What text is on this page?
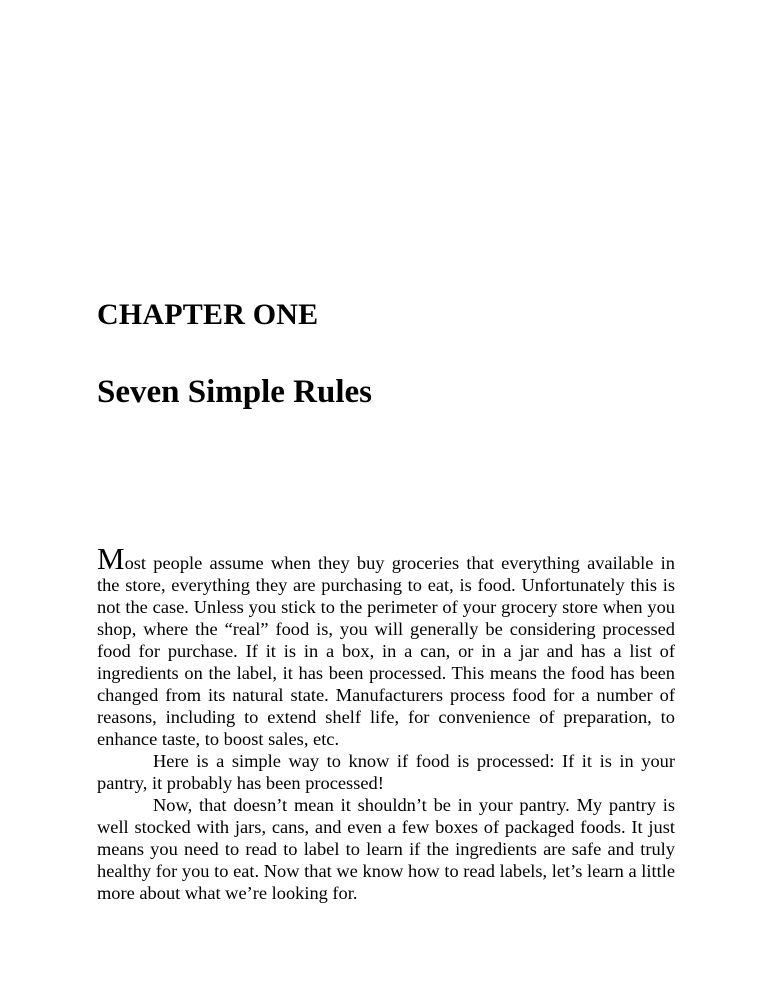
CHAPTER ONE
Seven Simple Rules

Most people assume when they buy groceries that everything available in the store, everything they are purchasing to eat, is food. Unfortunately this is not the case. Unless you stick to the perimeter of your grocery store when you shop, where the “real” food is, you will generally be considering processed food for purchase. If it is in a box, in a can, or in a jar and has a list of ingredients on the label, it has been processed. This means the food has been changed from its natural state. Manufacturers process food for a number of reasons, including to extend shelf life, for convenience of preparation, to enhance taste, to boost sales, etc.

Here is a simple way to know if food is processed: If it is in your pantry, it probably has been processed!

Now, that doesn’t mean it shouldn’t be in your pantry. My pantry is well stocked with jars, cans, and even a few boxes of packaged foods. It just means you need to read to label to learn if the ingredients are safe and truly healthy for you to eat. Now that we know how to read labels, let’s learn a little more about what we’re looking for.
